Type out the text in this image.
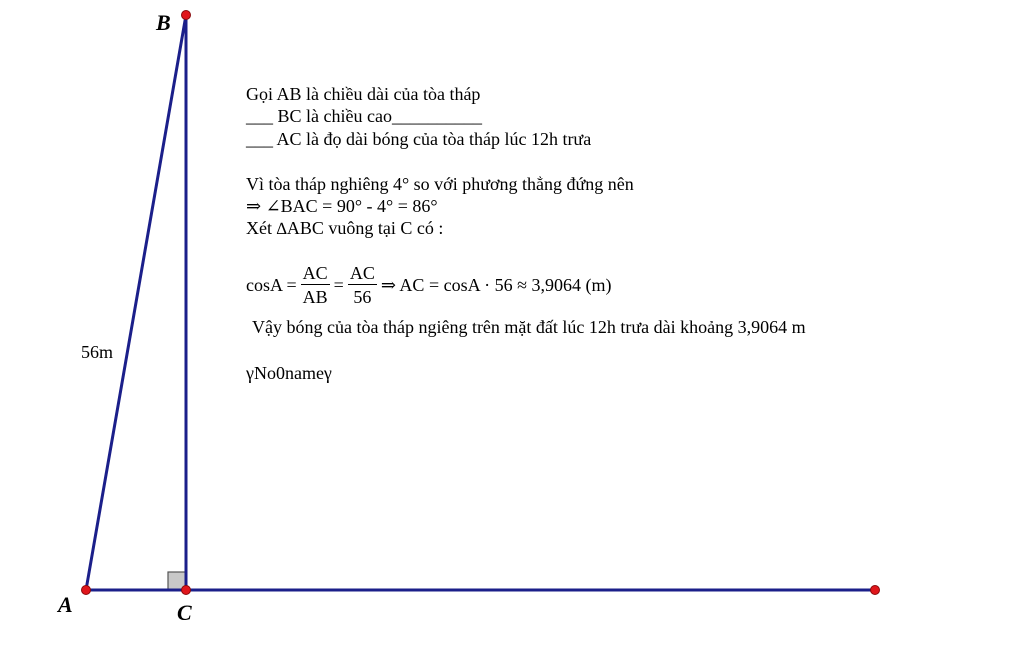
B
A	C
56m
Gọi AB là chiều dài của tòa tháp
___ BC là chiều cao__________
___ AC là đọ dài bóng của tòa tháp lúc 12h trưa
Vì tòa tháp nghiêng 4° so với phương thẳng đứng nên
⇒ ∠BAC = 90° - 4° = 86°
Xét ∆ABC vuông tại C có :
$\cos A = \frac{AC}{AB} = \frac{AC}{56}$ ⇒ AC = cosA · 56 ≈ 3,9064 (m)
Vậy bóng của tòa tháp ngiêng trên mặt đất lúc 12h trưa dài khoảng 3,9064 m
γNo0nameγ
